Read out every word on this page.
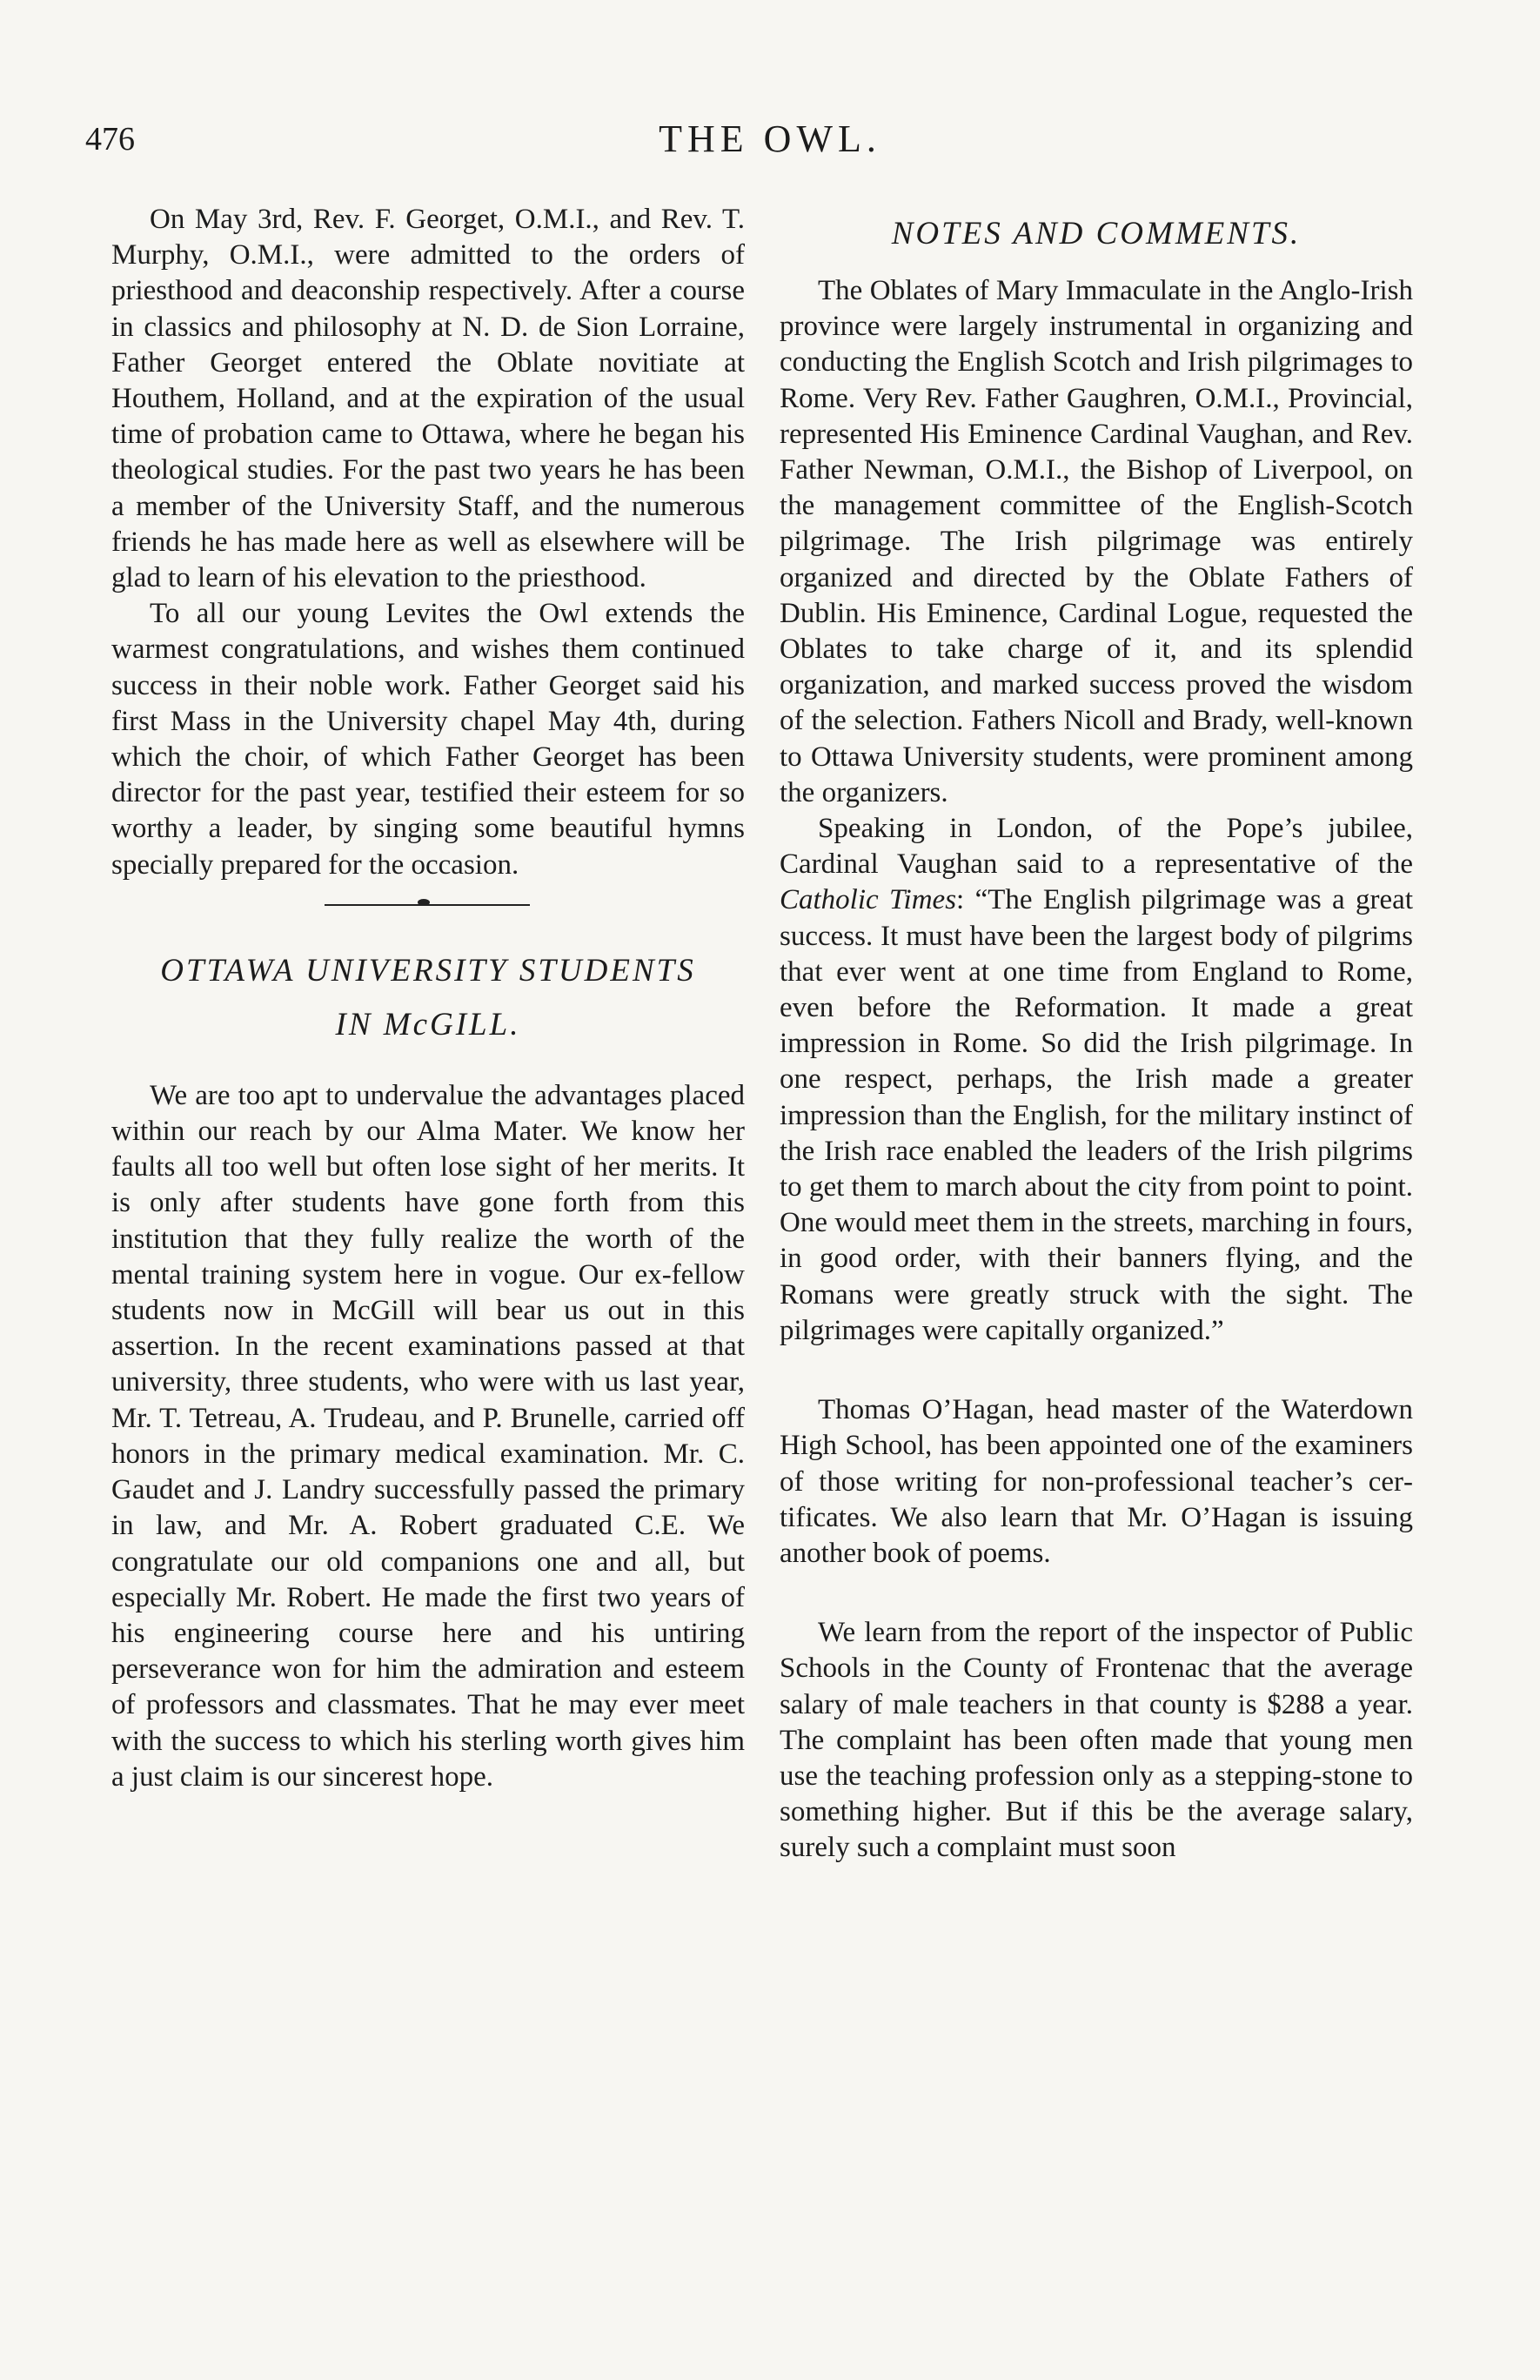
476	THE OWL.

On May 3rd, Rev. F. Georget, O.M.I., and Rev. T. Murphy, O.M.I., were admitted to the orders of priesthood and deaconship respectively. After a course in classics and philosophy at N. D. de Sion Lorraine, Father Georget entered the Oblate novitiate at Houthem, Holland, and at the expiration of the usual time of probation came to Ottawa, where he began his theological studies. For the past two years he has been a member of the University Staff, and the numerous friends he has made here as well as elsewhere will be glad to learn of his elevation to the priesthood.

To all our young Levites the Owl extends the warmest congratulations, and wishes them continued success in their noble work. Father Georget said his first Mass in the University chapel May 4th, during which the choir, of which Father Georget has been director for the past year, testified their esteem for so worthy a leader, by singing some beautiful hymns specially prepared for the occasion.

OTTAWA UNIVERSITY STUDENTS
IN McGILL.

We are too apt to undervalue the advantages placed within our reach by our Alma Mater. We know her faults all too well but often lose sight of her merits. It is only after students have gone forth from this institution that they fully realize the worth of the mental training system here in vogue. Our ex-fellow students now in McGill will bear us out in this assertion. In the recent examinations passed at that university, three students, who were with us last year, Mr. T. Tetreau, A. Trudeau, and P. Brunelle, carried off honors in the primary medical examination. Mr. C. Gaudet and J. Landry successfully passed the primary in law, and Mr. A. Robert graduated C.E. We congratulate our old companions one and all, but especially Mr. Robert. He made the first two years of his engineering course here and his untiring perseverance won for him the admiration and esteem of professors and classmates. That he may ever meet with the success to which his sterling worth gives him a just claim is our sincerest hope.

NOTES AND COMMENTS.

The Oblates of Mary Immaculate in the Anglo-Irish province were largely instrumental in organizing and conducting the English Scotch and Irish pilgrimages to Rome. Very Rev. Father Gaughren, O.M.I., Provincial, represented His Eminence Cardinal Vaughan, and Rev. Father Newman, O.M.I., the Bishop of Liverpool, on the management committee of the English-Scotch pilgrimage. The Irish pilgrimage was entirely organized and directed by the Oblate Fathers of Dublin. His Eminence, Cardinal Logue, requested the Oblates to take charge of it, and its splendid organization, and marked success proved the wisdom of the selection. Fathers Nicoll and Brady, well-known to Ottawa University students, were prominent among the organizers.

Speaking in London, of the Pope’s jubilee, Cardinal Vaughan said to a representative of the Catholic Times: “The English pilgrimage was a great success. It must have been the largest body of pilgrims that ever went at one time from England to Rome, even before the Reformation. It made a great impression in Rome. So did the Irish pilgrimage. In one respect, perhaps, the Irish made a greater impression than the English, for the military instinct of the Irish race enabled the leaders of the Irish pilgrims to get them to march about the city from point to point. One would meet them in the streets, marching in fours, in good order, with their banners flying, and the Romans were greatly struck with the sight. The pilgrimages were capitally organized.”

Thomas O’Hagan, head master of the Waterdown High School, has been appointed one of the examiners of those writing for non-professional teacher’s certificates. We also learn that Mr. O’Hagan is issuing another book of poems.

We learn from the report of the inspector of Public Schools in the County of Frontenac that the average salary of male teachers in that county is $288 a year. The complaint has been often made that young men use the teaching profession only as a stepping-stone to something higher. But if this be the average salary, surely such a complaint must soon
